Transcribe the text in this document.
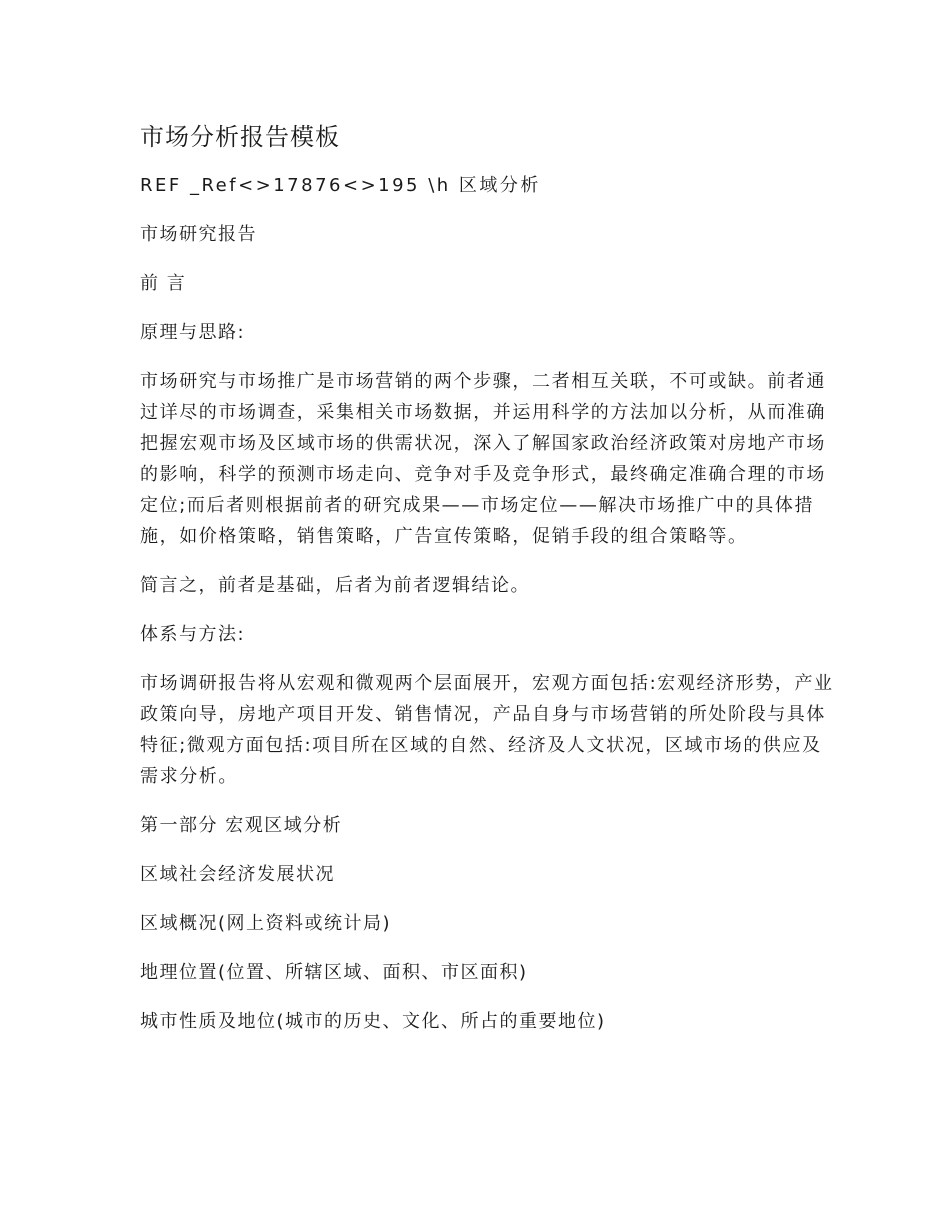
市场分析报告模板

REF _Ref<>17876<>195 \h 区域分析

市场研究报告

前 言

原理与思路:

市场研究与市场推广是市场营销的两个步骤，二者相互关联，不可或缺。前者通过详尽的市场调查，采集相关市场数据，并运用科学的方法加以分析，从而准确把握宏观市场及区域市场的供需状况，深入了解国家政治经济政策对房地产市场的影响，科学的预测市场走向、竞争对手及竞争形式，最终确定准确合理的市场定位;而后者则根据前者的研究成果——市场定位——解决市场推广中的具体措施，如价格策略，销售策略，广告宣传策略，促销手段的组合策略等。

简言之，前者是基础，后者为前者逻辑结论。

体系与方法:

市场调研报告将从宏观和微观两个层面展开，宏观方面包括:宏观经济形势，产业政策向导，房地产项目开发、销售情况，产品自身与市场营销的所处阶段与具体特征;微观方面包括:项目所在区域的自然、经济及人文状况，区域市场的供应及需求分析。

第一部分 宏观区域分析

区域社会经济发展状况

区域概况(网上资料或统计局)

地理位置(位置、所辖区域、面积、市区面积)

城市性质及地位(城市的历史、文化、所占的重要地位)
